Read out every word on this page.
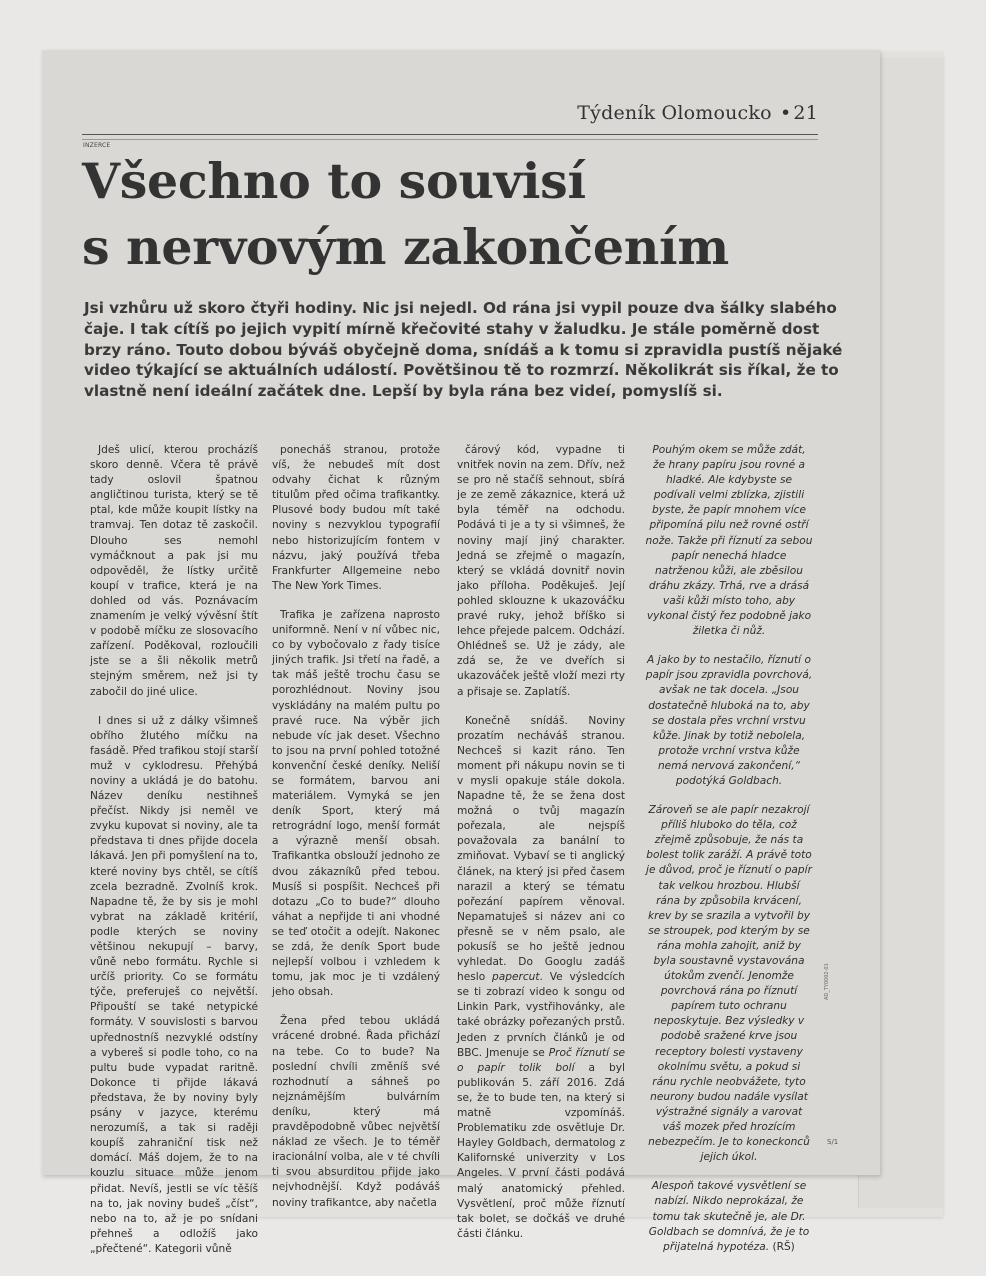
Týdeník Olomoucko • 21
INZERCE
Všechno to souvisí
s nervovým zakončením
Jsi vzhůru už skoro čtyři hodiny. Nic jsi nejedl. Od rána jsi vypil pouze dva šálky slabého čaje. I tak cítíš po jejich vypití mírně křečovité stahy v žaludku. Je stále poměrně dost brzy ráno. Touto dobou býváš obyčejně doma, snídáš a k tomu si zpravidla pustíš nějaké video týkající se aktuálních událostí. Povětšinou tě to rozmrzí. Několikrát sis říkal, že to vlastně není ideální začátek dne. Lepší by byla rána bez videí, pomyslíš si.

Jdeš ulicí, kterou procházíš skoro denně. Včera tě právě tady oslovil špatnou angličtinou turista, který se tě ptal, kde může koupit lístky na tramvaj. Ten dotaz tě zaskočil. Dlouho ses nemohl vymáčknout a pak jsi mu odpověděl, že lístky určitě koupí v trafice, která je na dohled od vás. Poznávacím znamením je velký vývěsní štít v podobě míčku ze slosovacího zařízení. Poděkoval, rozloučili jste se a šli několik metrů stejným směrem, než jsi ty zabočil do jiné ulice.

I dnes si už z dálky všimneš obřího žlutého míčku na fasádě. Před trafikou stojí starší muž v cyklodresu. Přehýbá noviny a ukládá je do batohu. Název deníku nestihneš přečíst. Nikdy jsi neměl ve zvyku kupovat si noviny, ale ta představa ti dnes přijde docela lákavá. Jen při pomyšlení na to, které noviny bys chtěl, se cítíš zcela bezradně. Zvolníš krok. Napadne tě, že by sis je mohl vybrat na základě kritérií, podle kterých se noviny většinou nekupují – barvy, vůně nebo formátu. Rychle si určíš priority. Co se formátu týče, preferuješ co největší. Připouští se také netypické formáty. V souvislosti s barvou upřednostníš nezvyklé odstíny a vybereš si podle toho, co na pultu bude vypadat raritně. Dokonce ti přijde lákavá představa, že by noviny byly psány v jazyce, kterému nerozumíš, a tak si raději koupíš zahraniční tisk než domácí. Máš dojem, že to na kouzlu situace může jenom přidat. Nevíš, jestli se víc těšíš na to, jak noviny budeš „číst“, nebo na to, až je po snídani přehneš a odložíš jako „přečtené“. Kategorii vůně

ponecháš stranou, protože víš, že nebudeš mít dost odvahy čichat k různým titulům před očima trafikantky. Plusové body budou mít také noviny s nezvyklou typografií nebo historizujícím fontem v názvu, jaký používá třeba Frankfurter Allgemeine nebo The New York Times.

Trafika je zařízena naprosto uniformně. Není v ní vůbec nic, co by vybočovalo z řady tisíce jiných trafik. Jsi třetí na řadě, a tak máš ještě trochu času se porozhlédnout. Noviny jsou vyskládány na malém pultu po pravé ruce. Na výběr jich nebude víc jak deset. Všechno to jsou na první pohled totožné konvenční české deníky. Neliší se formátem, barvou ani materiálem. Vymyká se jen deník Sport, který má retrográdní logo, menší formát a výrazně menší obsah. Trafikantka obslouží jednoho ze dvou zákazníků před tebou. Musíš si pospíšit. Nechceš při dotazu „Co to bude?“ dlouho váhat a nepřijde ti ani vhodné se teď otočit a odejít. Nakonec se zdá, že deník Sport bude nejlepší volbou i vzhledem k tomu, jak moc je ti vzdálený jeho obsah.

Žena před tebou ukládá vrácené drobné. Řada přichází na tebe. Co to bude? Na poslední chvíli změníš své rozhodnutí a sáhneš po nejznámějším bulvárním deníku, který má pravděpodobně vůbec největší náklad ze všech. Je to téměř iracionální volba, ale v té chvíli ti svou absurditou přijde jako nejvhodnější. Když podáváš noviny trafikantce, aby načetla

čárový kód, vypadne ti vnitřek novin na zem. Dřív, než se pro ně stačíš sehnout, sbírá je ze země zákaznice, která už byla téměř na odchodu. Podává ti je a ty si všimneš, že noviny mají jiný charakter. Jedná se zřejmě o magazín, který se vkládá dovnitř novin jako příloha. Poděkuješ. Její pohled sklouzne k ukazováčku pravé ruky, jehož bříško si lehce přejede palcem. Odchází. Ohlédneš se. Už je zády, ale zdá se, že ve dveřích si ukazováček ještě vloží mezi rty a přisaje se. Zaplatíš.

Konečně snídáš. Noviny prozatím necháváš stranou. Nechceš si kazit ráno. Ten moment při nákupu novin se ti v mysli opakuje stále dokola. Napadne tě, že se žena dost možná o tvůj magazín pořezala, ale nejspíš považovala za banální to zmiňovat. Vybaví se ti anglický článek, na který jsi před časem narazil a který se tématu pořezání papírem věnoval. Nepamatuješ si název ani co přesně se v něm psalo, ale pokusíš se ho ještě jednou vyhledat. Do Googlu zadáš heslo papercut. Ve výsledcích se ti zobrazí video k songu od Linkin Park, vystřihovánky, ale také obrázky pořezaných prstů. Jeden z prvních článků je od BBC. Jmenuje se Proč říznutí se o papír tolik bolí a byl publikován 5. září 2016. Zdá se, že to bude ten, na který si matně vzpomínáš. Problematiku zde osvětluje Dr. Hayley Goldbach, dermatolog z Kalifornské univerzity v Los Angeles. V první části podává malý anatomický přehled. Vysvětlení, proč může říznutí tak bolet, se dočkáš ve druhé části článku.

Pouhým okem se může zdát, že hrany papíru jsou rovné a hladké. Ale kdybyste se podívali velmi zblízka, zjistili byste, že papír mnohem více připomíná pilu než rovné ostří nože. Takže při říznutí za sebou papír nenechá hladce natrženou kůži, ale zběsilou dráhu zkázy. Trhá, rve a drásá vaši kůži místo toho, aby vykonal čistý řez podobně jako žiletka či nůž.

A jako by to nestačilo, říznutí o papír jsou zpravidla povrchová, avšak ne tak docela. „Jsou dostatečně hluboká na to, aby se dostala přes vrchní vrstvu kůže. Jinak by totiž nebolela, protože vrchní vrstva kůže nemá nervová zakončení,“ podotýká Goldbach.

Zároveň se ale papír nezakrojí příliš hluboko do těla, což zřejmě způsobuje, že nás ta bolest tolik zaráží. A právě toto je důvod, proč je říznutí o papír tak velkou hrozbou. Hlubší rána by způsobila krvácení, krev by se srazila a vytvořil by se stroupek, pod kterým by se rána mohla zahojit, aniž by byla soustavně vystavována útokům zvenčí. Jenomže povrchová rána po říznutí papírem tuto ochranu neposkytuje. Bez výsledky v podobě sražené krve jsou receptory bolesti vystaveny okolnímu světu, a pokud si ránu rychle neobvážete, tyto neurony budou nadále vysílat výstražné signály a varovat váš mozek před hrozícím nebezpečím. Je to koneckonců jejich úkol.

Alespoň takové vysvětlení se nabízí. Nikdo neprokázal, že tomu tak skutečně je, ale Dr. Goldbach se domnívá, že je to přijatelná hypotéza. (RŠ)

AD_TY0002-01
S/1
